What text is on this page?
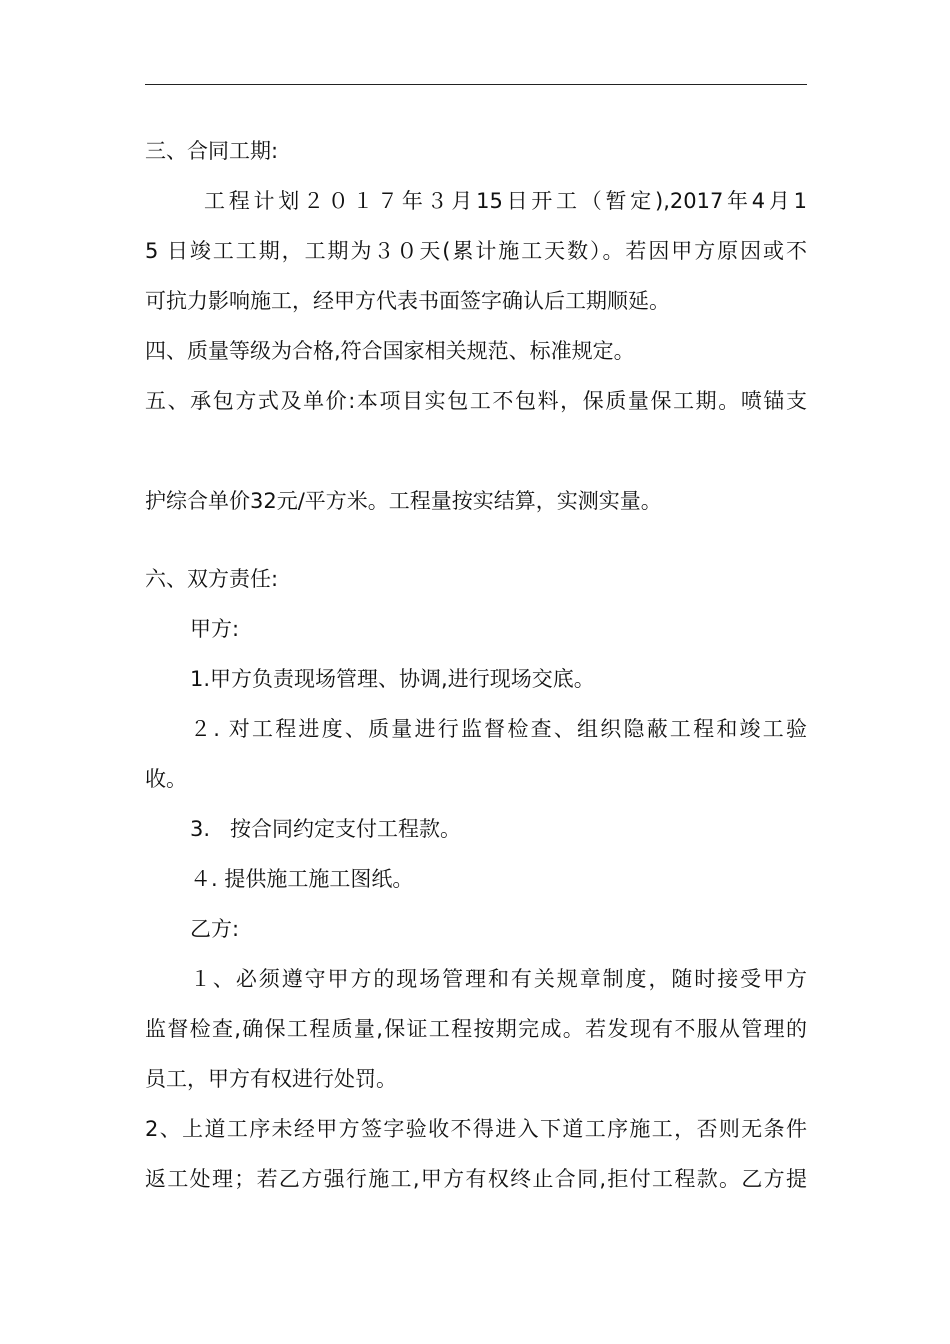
三、合同工期:
工程计划２０１７年３月15日开工（暂定),2017年4月1
5 日竣工工期，工期为３０天(累计施工天数）。若因甲方原因或不
可抗力影响施工，经甲方代表书面签字确认后工期顺延。
四、质量等级为合格,符合国家相关规范、标准规定。
五、承包方式及单价:本项目实包工不包料，保质量保工期。喷锚支
护综合单价32元/平方米。工程量按实结算，实测实量。
六、双方责任:
甲方:
1.甲方负责现场管理、协调,进行现场交底。
２. 对工程进度、质量进行监督检查、组织隐蔽工程和竣工验
收。
3.   按合同约定支付工程款。
４. 提供施工施工图纸。
乙方:
１、必须遵守甲方的现场管理和有关规章制度，随时接受甲方
监督检查,确保工程质量,保证工程按期完成。若发现有不服从管理的
员工，甲方有权进行处罚。
2、上道工序未经甲方签字验收不得进入下道工序施工，否则无条件
返工处理；若乙方强行施工,甲方有权终止合同,拒付工程款。乙方提
